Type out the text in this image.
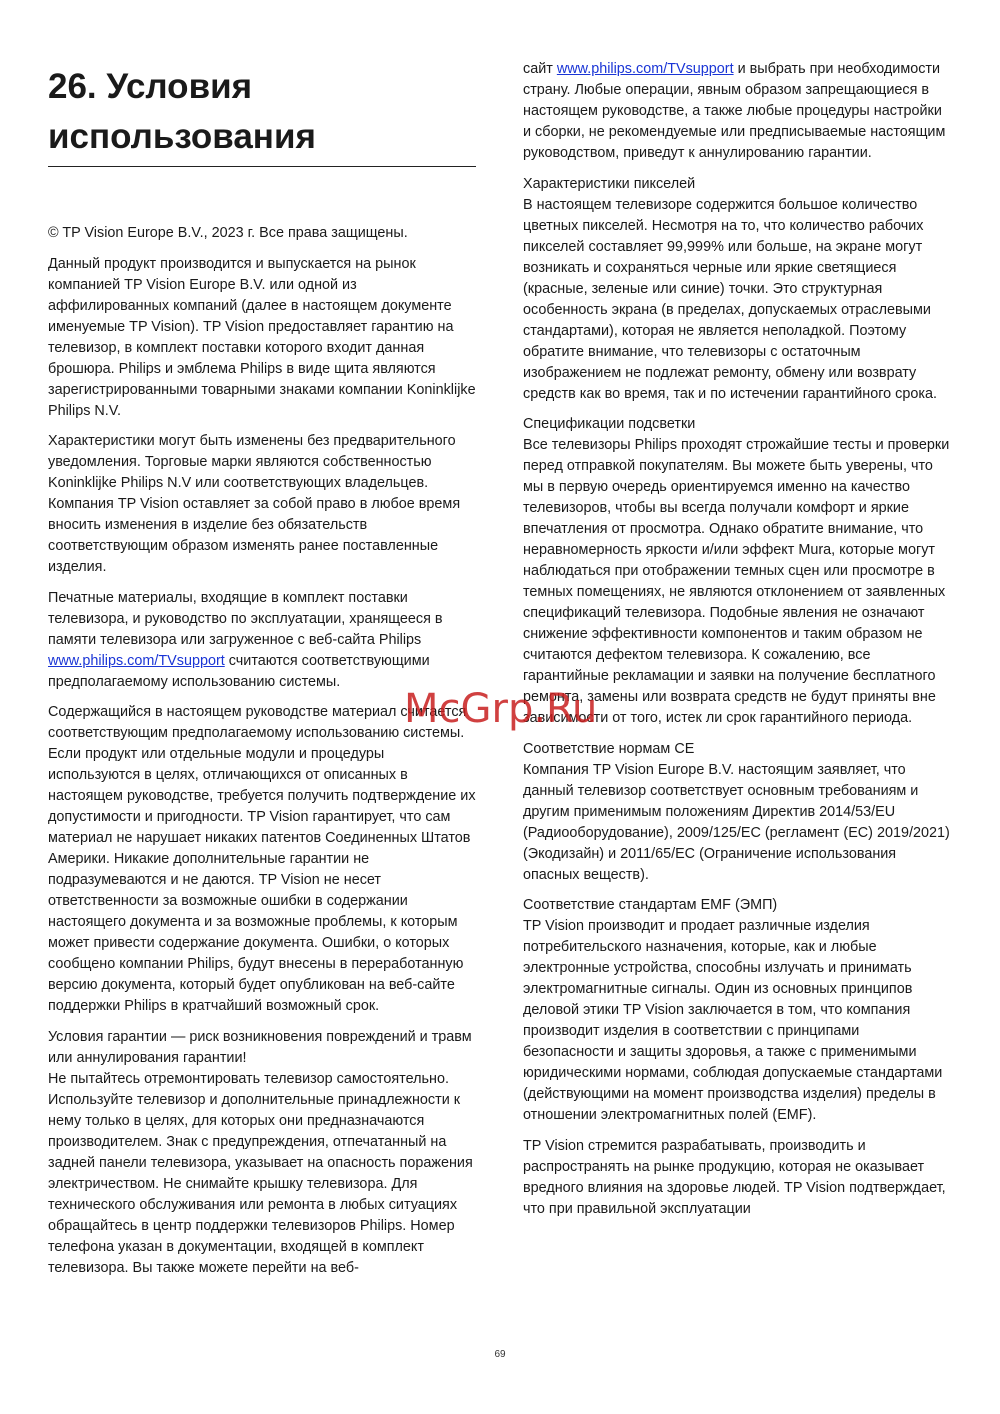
26. Условия использования

© TP Vision Europe B.V., 2023 г. Все права защищены.

Данный продукт производится и выпускается на рынок компанией TP Vision Europe B.V. или одной из аффилированных компаний (далее в настоящем документе именуемые TP Vision). TP Vision предоставляет гарантию на телевизор, в комплект поставки которого входит данная брошюра. Philips и эмблема Philips в виде щита являются зарегистрированными товарными знаками компании Koninklijke Philips N.V.

Характеристики могут быть изменены без предварительного уведомления. Торговые марки являются собственностью Koninklijke Philips N.V или соответствующих владельцев. Компания TP Vision оставляет за собой право в любое время вносить изменения в изделие без обязательств соответствующим образом изменять ранее поставленные изделия.

Печатные материалы, входящие в комплект поставки телевизора, и руководство по эксплуатации, хранящееся в памяти телевизора или загруженное с веб-сайта Philips www.philips.com/TVsupport считаются соответствующими предполагаемому использованию системы.

Содержащийся в настоящем руководстве материал считается соответствующим предполагаемому использованию системы. Если продукт или отдельные модули и процедуры используются в целях, отличающихся от описанных в настоящем руководстве, требуется получить подтверждение их допустимости и пригодности. TP Vision гарантирует, что сам материал не нарушает никаких патентов Соединенных Штатов Америки. Никакие дополнительные гарантии не подразумеваются и не даются. TP Vision не несет ответственности за возможные ошибки в содержании настоящего документа и за возможные проблемы, к которым может привести содержание документа. Ошибки, о которых сообщено компании Philips, будут внесены в переработанную версию документа, который будет опубликован на веб-сайте поддержки Philips в кратчайший возможный срок.

Условия гарантии — риск возникновения повреждений и травм или аннулирования гарантии!
Не пытайтесь отремонтировать телевизор самостоятельно. Используйте телевизор и дополнительные принадлежности к нему только в целях, для которых они предназначаются производителем. Знак с предупреждения, отпечатанный на задней панели телевизора, указывает на опасность поражения электричеством. Не снимайте крышку телевизора. Для технического обслуживания или ремонта в любых ситуациях обращайтесь в центр поддержки телевизоров Philips. Номер телефона указан в документации, входящей в комплект телевизора. Вы также можете перейти на веб-

сайт www.philips.com/TVsupport и выбрать при необходимости страну. Любые операции, явным образом запрещающиеся в настоящем руководстве, а также любые процедуры настройки и сборки, не рекомендуемые или предписываемые настоящим руководством, приведут к аннулированию гарантии.

Характеристики пикселей
В настоящем телевизоре содержится большое количество цветных пикселей. Несмотря на то, что количество рабочих пикселей составляет 99,999% или больше, на экране могут возникать и сохраняться черные или яркие светящиеся (красные, зеленые или синие) точки. Это структурная особенность экрана (в пределах, допускаемых отраслевыми стандартами), которая не является неполадкой. Поэтому обратите внимание, что телевизоры с остаточным изображением не подлежат ремонту, обмену или возврату средств как во время, так и по истечении гарантийного срока.

Спецификации подсветки
Все телевизоры Philips проходят строжайшие тесты и проверки перед отправкой покупателям. Вы можете быть уверены, что мы в первую очередь ориентируемся именно на качество телевизоров, чтобы вы всегда получали комфорт и яркие впечатления от просмотра. Однако обратите внимание, что неравномерность яркости и/или эффект Mura, которые могут наблюдаться при отображении темных сцен или просмотре в темных помещениях, не являются отклонением от заявленных спецификаций телевизора. Подобные явления не означают снижение эффективности компонентов и таким образом не считаются дефектом телевизора. К сожалению, все гарантийные рекламации и заявки на получение бесплатного ремонта, замены или возврата средств не будут приняты вне зависимости от того, истек ли срок гарантийного периода.

Соответствие нормам CE
Компания TP Vision Europe B.V. настоящим заявляет, что данный телевизор соответствует основным требованиям и другим применимым положениям Директив 2014/53/EU (Радиооборудование), 2009/125/EC (регламент (EC) 2019/2021) (Экодизайн) и 2011/65/EC (Ограничение использования опасных веществ).

Соответствие стандартам EMF (ЭМП)
TP Vision производит и продает различные изделия потребительского назначения, которые, как и любые электронные устройства, способны излучать и принимать электромагнитные сигналы. Один из основных принципов деловой этики TP Vision заключается в том, что компания производит изделия в соответствии с принципами безопасности и защиты здоровья, а также с применимыми юридическими нормами, соблюдая допускаемые стандартами (действующими на момент производства изделия) пределы в отношении электромагнитных полей (EMF).

TP Vision стремится разрабатывать, производить и распространять на рынке продукцию, которая не оказывает вредного влияния на здоровье людей. TP Vision подтверждает, что при правильной эксплуатации

McGrp.Ru
69
